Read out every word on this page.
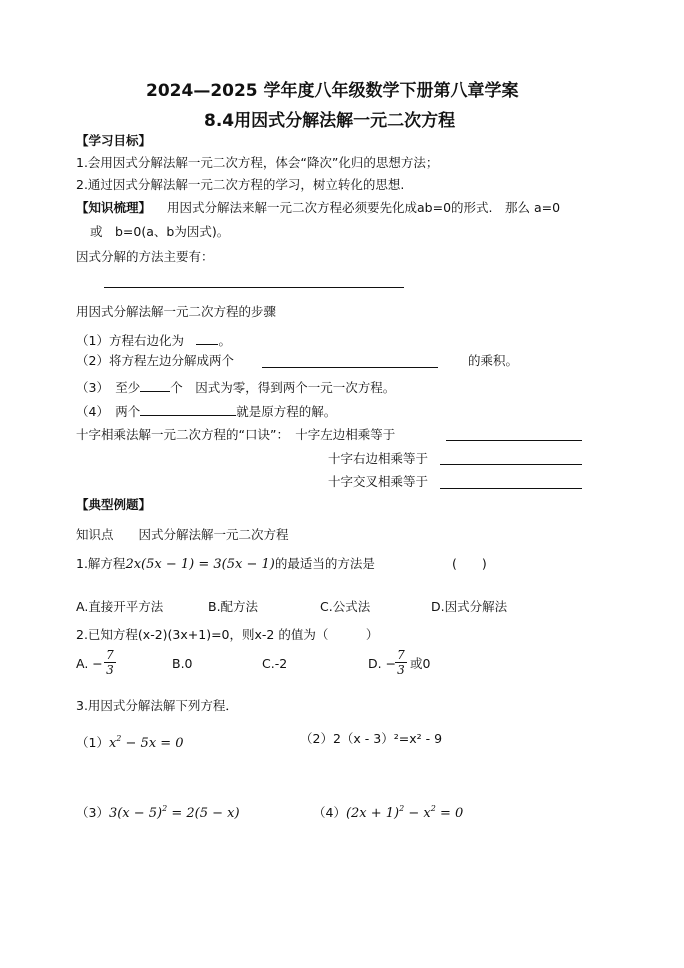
2024—2025 学年度八年级数学下册第八章学案
8.4用因式分解法解一元二次方程
【学习目标】
1.会用因式分解法解一元二次方程，体会“降次”化归的思想方法；
2.通过因式分解法解一元二次方程的学习，树立转化的思想.
【知识梳理】 用因式分解法来解一元二次方程必须要先化成ab=0的形式.　那么 a=0
或　b=0(a、b为因式)。
因式分解的方法主要有：
用因式分解法解一元二次方程的步骤
（1）方程右边化为　。
（2）将方程左边分解成两个	的乘积。
（3）　至少 个　因式为零，得到两个一元一次方程。
（4）　两个	就是原方程的解。
十字相乘法解一元二次方程的“口诀”：　十字左边相乘等于
十字右边相乘等于
十字交叉相乘等于
【典型例题】
知识点　　因式分解法解一元二次方程
1.解方程2x(5x − 1) = 3(5x − 1)的最适当的方法是	(　　)
A.直接开平方法	B.配方法	C.公式法	D.因式分解法
2.已知方程(x-2)(3x+1)=0，则x-2 的值为（　　　）
A. −
7
3	B.0	C.-2	D. −
7
3 或0
3.用因式分解法解下列方程．
$(1)x^2 - 5x = 0$	（2）2（x - 3）²=x² - 9
$(3)3(x - 5)^2 = 2(5 - x)$	$(4)(2x + 1)^2 - x^2 = 0$
